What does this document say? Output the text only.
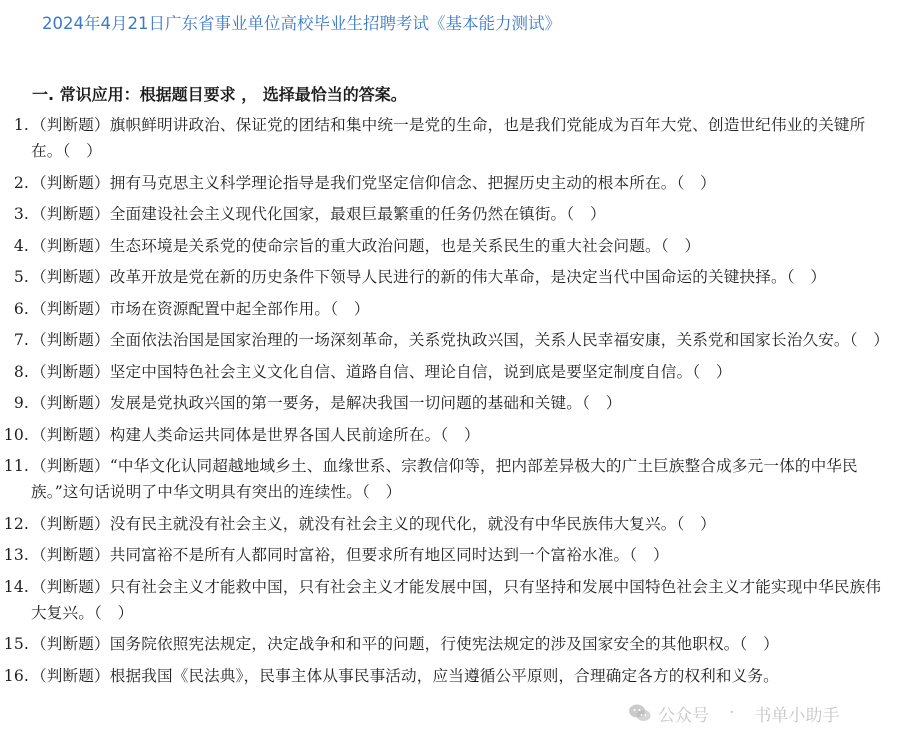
2024年4月21日广东省事业单位高校毕业生招聘考试《基本能力测试》
一. 常识应用：根据题目要求 ， 选择最恰当的答案。
1. （判断题）旗帜鲜明讲政治、保证党的团结和集中统一是党的生命，也是我们党能成为百年大党、创造世纪伟业的关键所在。（　）
2. （判断题）拥有马克思主义科学理论指导是我们党坚定信仰信念、把握历史主动的根本所在。（　）
3. （判断题）全面建设社会主义现代化国家，最艰巨最繁重的任务仍然在镇街。（　）
4. （判断题）生态环境是关系党的使命宗旨的重大政治问题，也是关系民生的重大社会问题。（　）
5. （判断题）改革开放是党在新的历史条件下领导人民进行的新的伟大革命，是决定当代中国命运的关键抉择。（　）
6. （判断题）市场在资源配置中起全部作用。（　）
7. （判断题）全面依法治国是国家治理的一场深刻革命，关系党执政兴国，关系人民幸福安康，关系党和国家长治久安。（　）
8. （判断题）坚定中国特色社会主义文化自信、道路自信、理论自信，说到底是要坚定制度自信。（　）
9. （判断题）发展是党执政兴国的第一要务，是解决我国一切问题的基础和关键。（　）
10. （判断题）构建人类命运共同体是世界各国人民前途所在。（　）
11. （判断题）“中华文化认同超越地域乡土、血缘世系、宗教信仰等，把内部差异极大的广土巨族整合成多元一体的中华民族。”这句话说明了中华文明具有突出的连续性。（　）
12. （判断题）没有民主就没有社会主义，就没有社会主义的现代化，就没有中华民族伟大复兴。（　）
13. （判断题）共同富裕不是所有人都同时富裕，但要求所有地区同时达到一个富裕水准。（　）
14. （判断题）只有社会主义才能救中国，只有社会主义才能发展中国，只有坚持和发展中国特色社会主义才能实现中华民族伟大复兴。（　）
15. （判断题）国务院依照宪法规定，决定战争和和平的问题，行使宪法规定的涉及国家安全的其他职权。（　）
16. （判断题）根据我国《民法典》，民事主体从事民事活动，应当遵循公平原则，合理确定各方的权利和义务。
公众号 · 书单小助手
